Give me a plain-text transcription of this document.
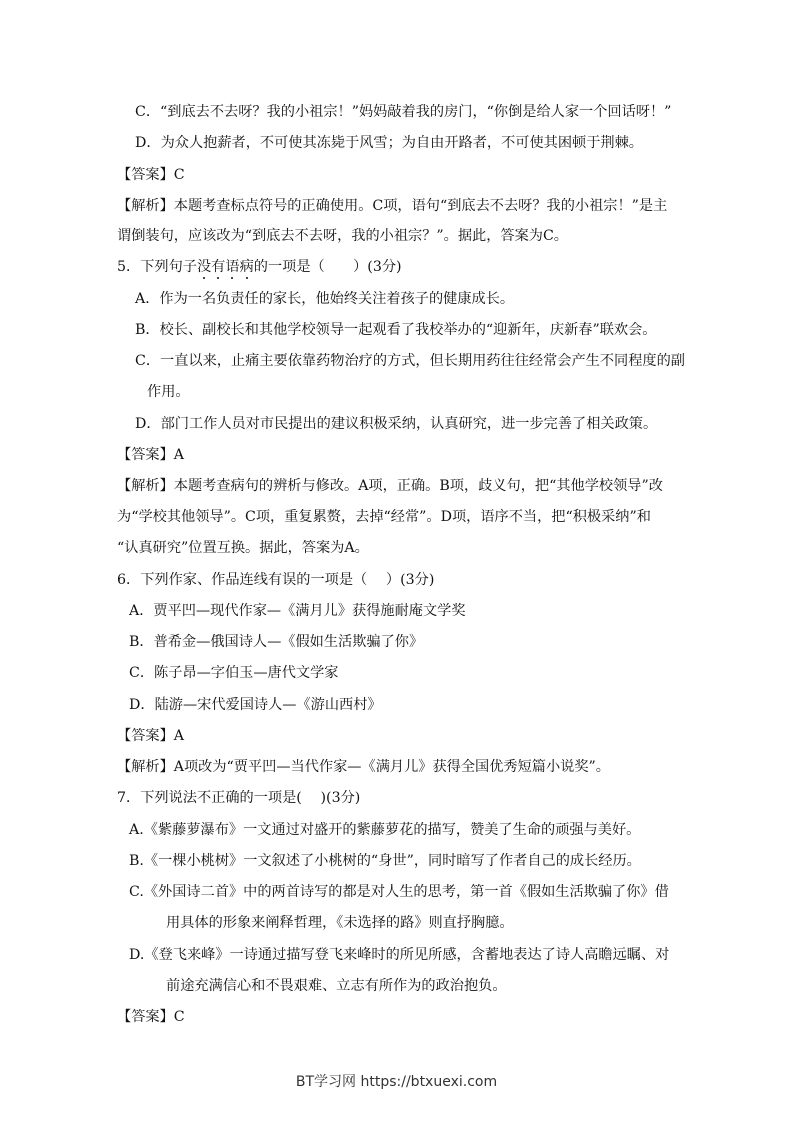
C．“到底去不去呀？我的小祖宗！”妈妈敲着我的房门，“你倒是给人家一个回话呀！”
D．为众人抱薪者，不可使其冻毙于风雪；为自由开路者，不可使其困顿于荆棘。
【答案】C
【解析】本题考查标点符号的正确使用。C项，语句“到底去不去呀？我的小祖宗！”是主
谓倒装句，应该改为“到底去不去呀，我的小祖宗？”。据此，答案为C。
5．下列句子没有语病的一项是（　　）(3分)
A．作为一名负责任的家长，他始终关注着孩子的健康成长。
B．校长、副校长和其他学校领导一起观看了我校举办的“迎新年，庆新春”联欢会。
C．一直以来，止痛主要依靠药物治疗的方式，但长期用药往往经常会产生不同程度的副
作用。
D．部门工作人员对市民提出的建议积极采纳，认真研究，进一步完善了相关政策。
【答案】A
【解析】本题考查病句的辨析与修改。A项，正确。B项，歧义句，把“其他学校领导”改
为“学校其他领导”。C项，重复累赘，去掉“经常”。D项，语序不当，把“积极采纳”和
“认真研究”位置互换。据此，答案为A。
6．下列作家、作品连线有误的一项是（　 ）(3分)
A．贾平凹—现代作家—《满月儿》获得施耐庵文学奖
B．普希金—俄国诗人—《假如生活欺骗了你》
C．陈子昂—字伯玉—唐代文学家
D．陆游—宋代爱国诗人—《游山西村》
【答案】A
【解析】A项改为“贾平凹—当代作家—《满月儿》获得全国优秀短篇小说奖”。
7．下列说法不正确的一项是(　 )(3分)
A.《紫藤萝瀑布》一文通过对盛开的紫藤萝花的描写，赞美了生命的顽强与美好。
B.《一棵小桃树》一文叙述了小桃树的“身世”，同时暗写了作者自己的成长经历。
C.《外国诗二首》中的两首诗写的都是对人生的思考，第一首《假如生活欺骗了你》借
用具体的形象来阐释哲理，《未选择的路》则直抒胸臆。
D.《登飞来峰》一诗通过描写登飞来峰时的所见所感，含蓄地表达了诗人高瞻远瞩、对
前途充满信心和不畏艰难、立志有所作为的政治抱负。
【答案】C
BT学习网 https://btxuexi.com
